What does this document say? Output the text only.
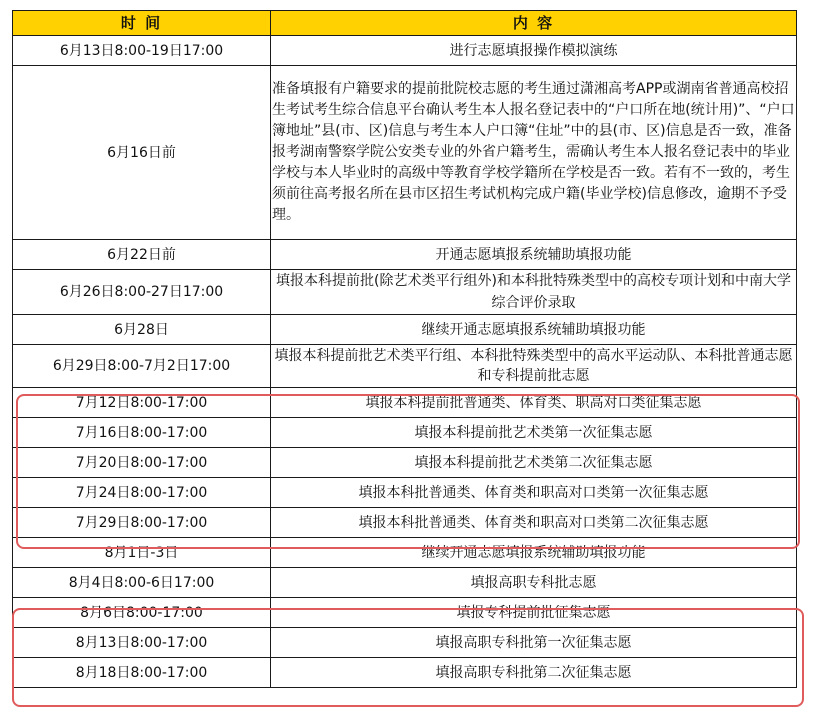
时 间	内 容
6月13日8:00-19日17:00	进行志愿填报操作模拟演练
6月16日前	准备填报有户籍要求的提前批院校志愿的考生通过潇湘高考APP或湖南省普通高校招生考试考生综合信息平台确认考生本人报名登记表中的“户口所在地(统计用)”、“户口簿地址”县(市、区)信息与考生本人户口簿“住址”中的县(市、区)信息是否一致，准备报考湖南警察学院公安类专业的外省户籍考生，需确认考生本人报名登记表中的毕业学校与本人毕业时的高级中等教育学校学籍所在学校是否一致。若有不一致的，考生须前往高考报名所在县市区招生考试机构完成户籍(毕业学校)信息修改，逾期不予受理。
6月22日前	开通志愿填报系统辅助填报功能
6月26日8:00-27日17:00	填报本科提前批(除艺术类平行组外)和本科批特殊类型中的高校专项计划和中南大学综合评价录取
6月28日	继续开通志愿填报系统辅助填报功能
6月29日8:00-7月2日17:00	填报本科提前批艺术类平行组、本科批特殊类型中的高水平运动队、本科批普通志愿和专科提前批志愿

7月12日8:00-17:00	填报本科提前批普通类、体育类、职高对口类征集志愿
7月16日8:00-17:00	填报本科提前批艺术类第一次征集志愿
7月20日8:00-17:00	填报本科提前批艺术类第二次征集志愿
7月24日8:00-17:00	填报本科批普通类、体育类和职高对口类第一次征集志愿
7月29日8:00-17:00	填报本科批普通类、体育类和职高对口类第二次征集志愿
8月1日-3日	继续开通志愿填报系统辅助填报功能
8月4日8:00-6日17:00	填报高职专科批志愿
8月6日8:00-17:00	填报专科提前批征集志愿
8月13日8:00-17:00	填报高职专科批第一次征集志愿
8月18日8:00-17:00	填报高职专科批第二次征集志愿
